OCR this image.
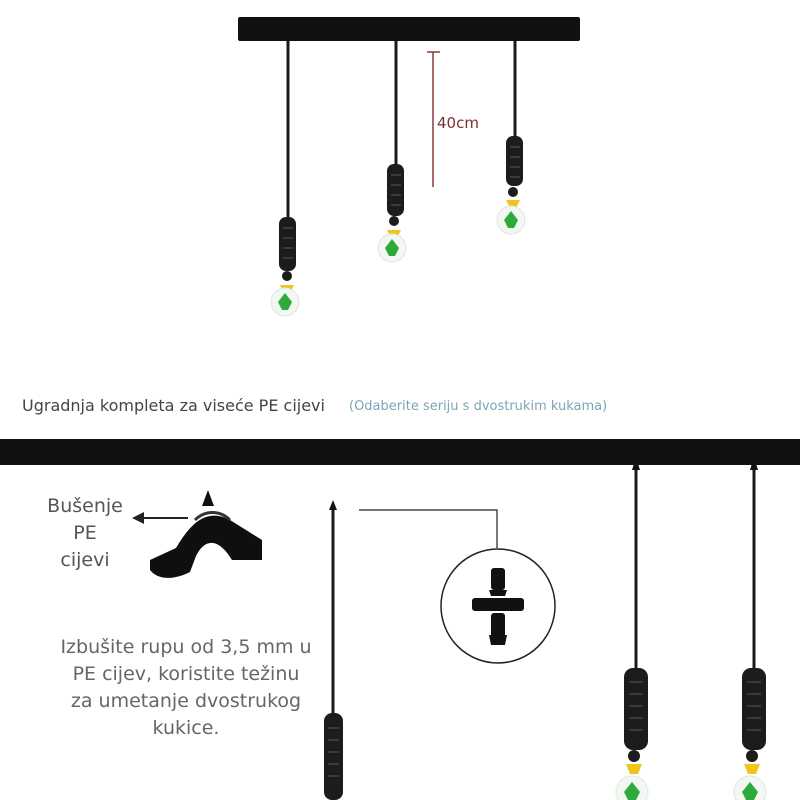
40cm
Ugradnja kompleta za viseće PE cijevi (Odaberite seriju s dvostrukim kukama)
Bušenje
PE
cijevi
Izbušite rupu od 3,5 mm u PE cijev, koristite težinu za umetanje dvostrukog kukice.
